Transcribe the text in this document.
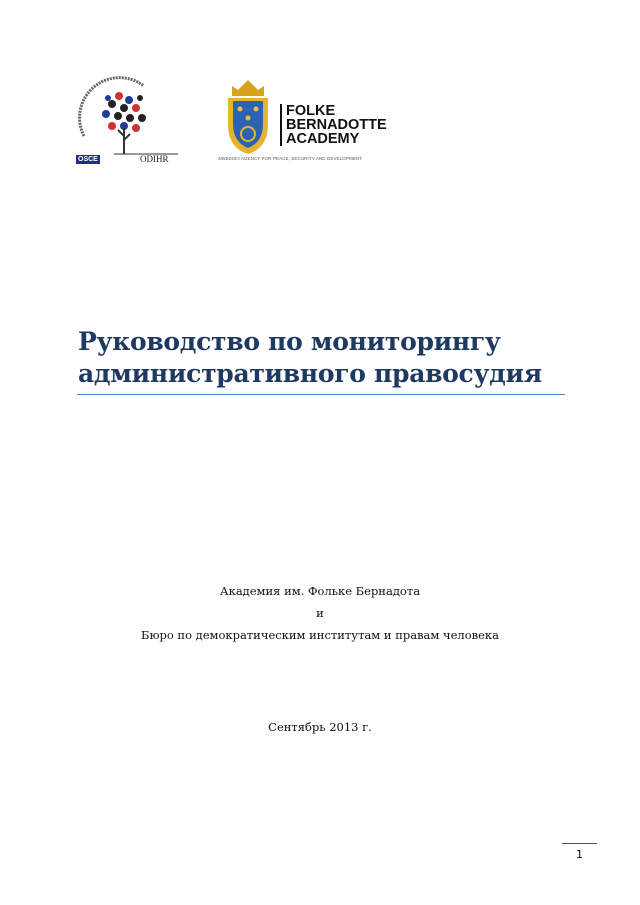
OSCE	ODIHR
FOLKE
BERNADOTTE
ACADEMY
SWEDISH AGENCY FOR PEACE, SECURITY AND DEVELOPMENT
Руководство по мониторингу
административного правосудия
Академия им. Фольке Бернадота
и
Бюро по демократическим институтам и правам человека
Сентябрь 2013 г.
1
